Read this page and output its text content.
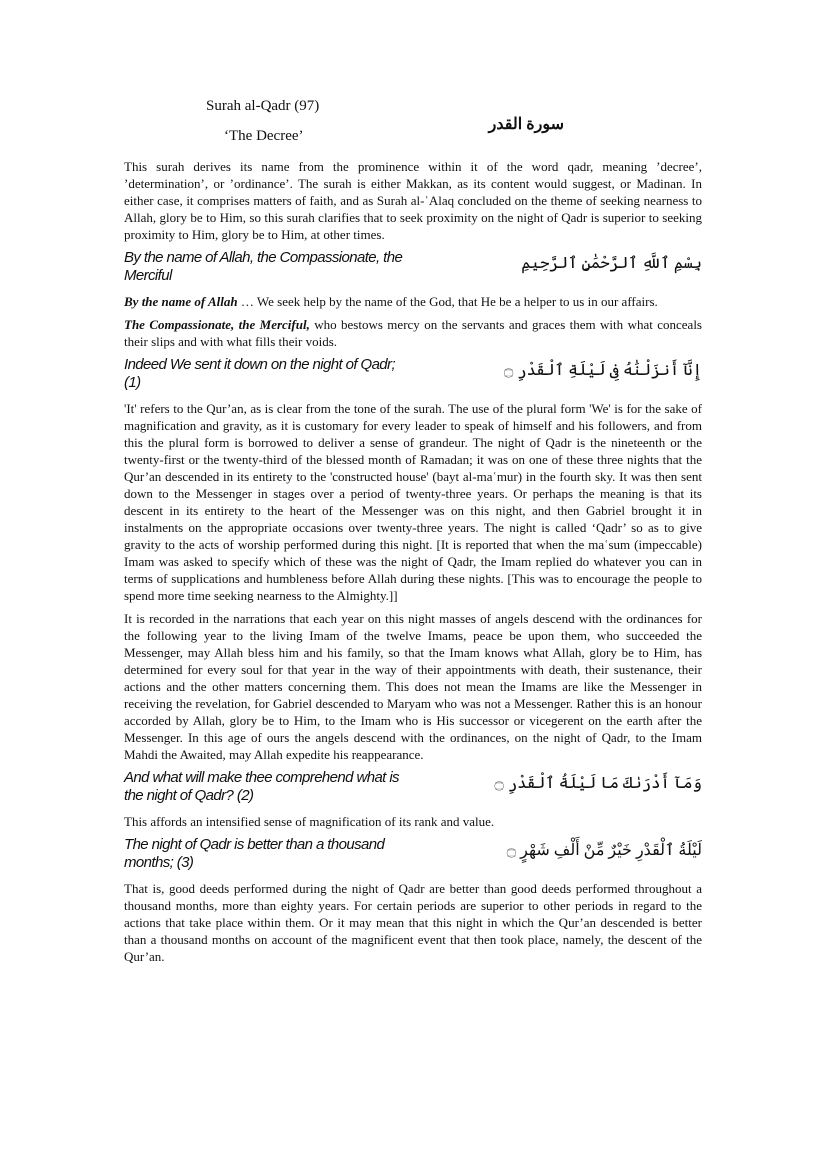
Surah al-Qadr (97)
‘The Decree’
سورة القدر

This surah derives its name from the prominence within it of the word qadr, meaning ’decree’, ’determination’, or ’ordinance’. The surah is either Makkan, as its content would suggest, or Madinan. In either case, it comprises matters of faith, and as Surah al-ʿAlaq concluded on the theme of seeking nearness to Allah, glory be to Him, so this surah clarifies that to seek proximity on the night of Qadr is superior to seeking proximity to Him, glory be to Him, at other times.

By the name of Allah, the Compassionate, the Merciful
بِسْمِ ٱللَّهِ ٱلرَّحْمَٰنِ ٱلرَّحِيمِ

By the name of Allah … We seek help by the name of the God, that He be a helper to us in our affairs.

The Compassionate, the Merciful, who bestows mercy on the servants and graces them with what conceals their slips and with what fills their voids.

Indeed We sent it down on the night of Qadr; (1)
إِنَّآ أَنزَلْنَٰهُ فِى لَيْلَةِ ٱلْقَدْرِ ۝

'It' refers to the Qur’an, as is clear from the tone of the surah. The use of the plural form 'We' is for the sake of magnification and gravity, as it is customary for every leader to speak of himself and his followers, and from this the plural form is borrowed to deliver a sense of grandeur. The night of Qadr is the nineteenth or the twenty-first or the twenty-third of the blessed month of Ramadan; it was on one of these three nights that the Qur’an descended in its entirety to the 'constructed house' (bayt al-maʿmur) in the fourth sky. It was then sent down to the Messenger in stages over a period of twenty-three years. Or perhaps the meaning is that its descent in its entirety to the heart of the Messenger was on this night, and then Gabriel brought it in instalments on the appropriate occasions over twenty-three years. The night is called ‘Qadr’ so as to give gravity to the acts of worship performed during this night. [It is reported that when the maʿsum (impeccable) Imam was asked to specify which of these was the night of Qadr, the Imam replied do whatever you can in terms of supplications and humbleness before Allah during these nights. [This was to encourage the people to spend more time seeking nearness to the Almighty.]]

It is recorded in the narrations that each year on this night masses of angels descend with the ordinances for the following year to the living Imam of the twelve Imams, peace be upon them, who succeeded the Messenger, may Allah bless him and his family, so that the Imam knows what Allah, glory be to Him, has determined for every soul for that year in the way of their appointments with death, their sustenance, their actions and the other matters concerning them. This does not mean the Imams are like the Messenger in receiving the revelation, for Gabriel descended to Maryam who was not a Messenger. Rather this is an honour accorded by Allah, glory be to Him, to the Imam who is His successor or vicegerent on the earth after the Messenger. In this age of ours the angels descend with the ordinances, on the night of Qadr, to the Imam Mahdi the Awaited, may Allah expedite his reappearance.

And what will make thee comprehend what is the night of Qadr? (2)
وَمَآ أَدْرَىٰكَ مَا لَيْلَةُ ٱلْقَدْرِ ۝

This affords an intensified sense of magnification of its rank and value.

The night of Qadr is better than a thousand months; (3)
لَيْلَةُ ٱلْقَدْرِ خَيْرٌ مِّنْ أَلْفِ شَهْرٍ ۝

That is, good deeds performed during the night of Qadr are better than good deeds performed throughout a thousand months, more than eighty years. For certain periods are superior to other periods in regard to the actions that take place within them. Or it may mean that this night in which the Qur’an descended is better than a thousand months on account of the magnificent event that then took place, namely, the descent of the Qur’an.
